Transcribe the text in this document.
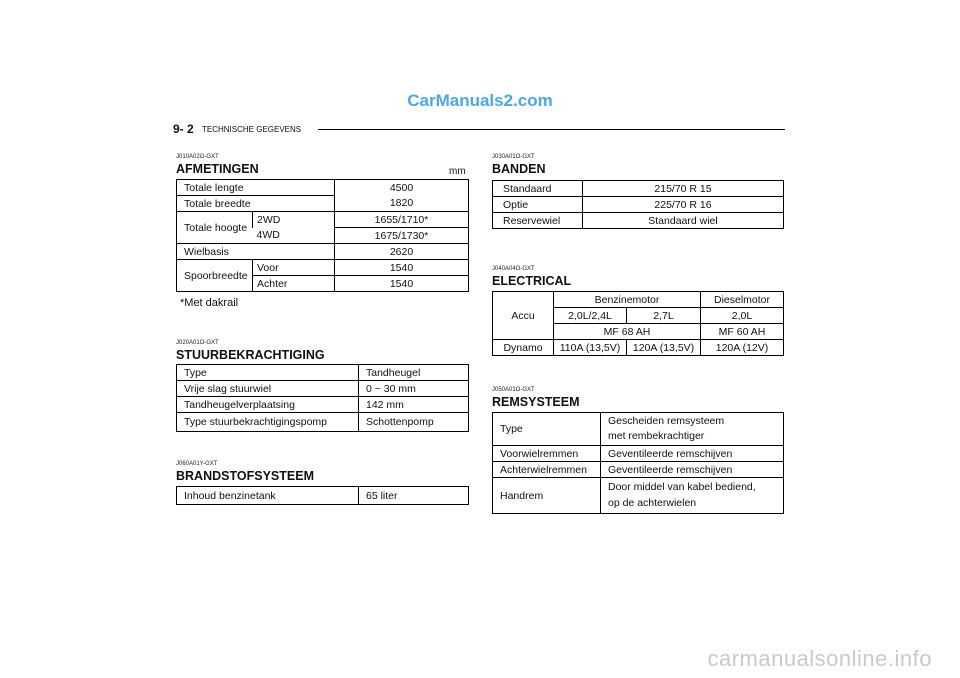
CarManuals2.com
carmanualsonline.info
9- 2 TECHNISCHE GEGEVENS
J010A02O-GXT
AFMETINGEN	mm
Totale lengte		4500
Totale breedte		1820
Totale hoogte	2WD	1655/1710*
	4WD	1675/1730*
Wielbasis		2620
Spoorbreedte	Voor	1540
	Achter	1540
*Met dakrail
J020A01O-GXT
STUURBEKRACHTIGING
Type	Tandheugel
Vrije slag stuurwiel	0 ~ 30 mm
Tandheugelverplaatsing	142 mm
Type stuurbekrachtigingspomp	Schottenpomp
J060A01Y-GXT
BRANDSTOFSYSTEEM
Inhoud benzinetank	65 liter
J030A01O-GXT
BANDEN
Standaard	215/70 R 15
Optie	225/70 R 16
Reservewiel	Standaard wiel
J040A04O-GXT
ELECTRICAL
Accu	Benzinemotor		Dieselmotor
	2,0L/2,4L	2,7L	2,0L
	MF 68 AH		MF 60 AH
Dynamo	110A (13,5V)	120A (13,5V)	120A (12V)
J050A01O-GXT
REMSYSTEEM
Type	Gescheiden remsysteem
met rembekrachtiger
Voorwielremmen	Geventileerde remschijven
Achterwielremmen	Geventileerde remschijven
Handrem	Door middel van kabel bediend,
op de achterwielen
